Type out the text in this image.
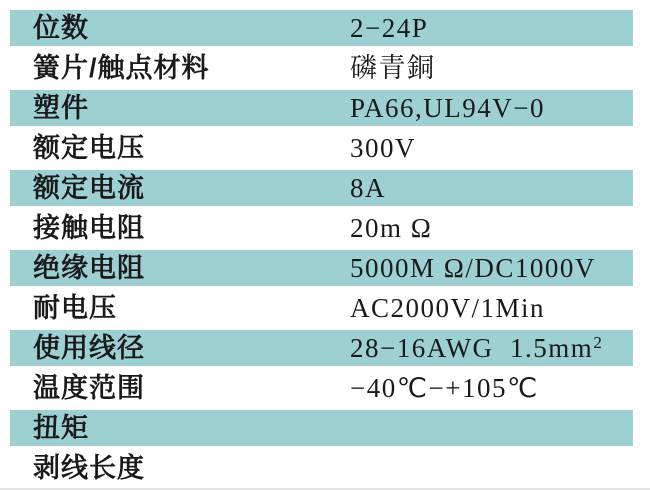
位数	2−24P
簧片/触点材料	磷青銅
塑件	PA66,UL94V−0
额定电压	300V
额定电流	8A
接触电阻	20m Ω
绝缘电阻	5000M Ω/DC1000V
耐电压	AC2000V/1Min
使用线径	28−16AWG  $1.5mm^2$
温度范围	−40℃−+105℃
扭矩
剥线长度
